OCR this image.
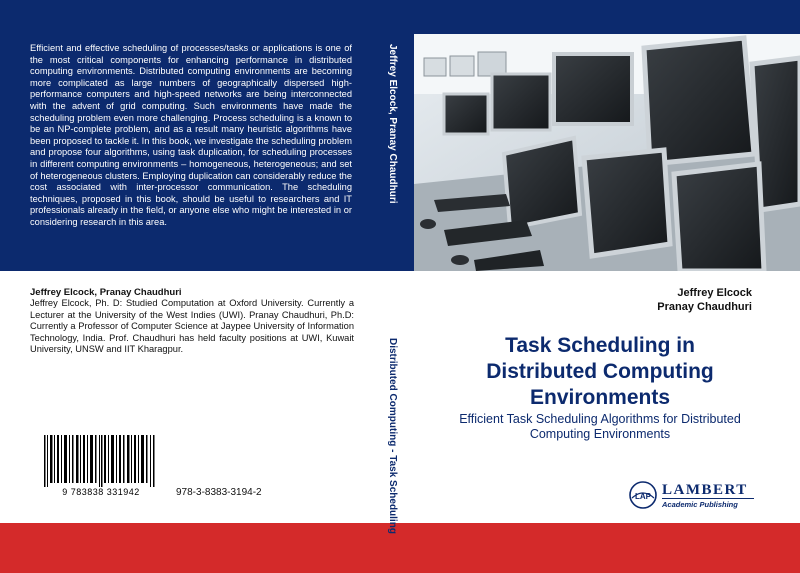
Efficient and effective scheduling of processes/tasks or applications is one of the most critical components for enhancing performance in distributed computing environments. Distributed computing environments are becoming more complicated as large numbers of geographically dispersed high-performance computers and high-speed networks are being interconnected with the advent of grid computing. Such environments have made the scheduling problem even more challenging. Process scheduling is a known to be an NP-complete problem, and as a result many heuristic algorithms have been proposed to tackle it. In this book, we investigate the scheduling problem and propose four algorithms, using task duplication, for scheduling processes in different computing environments – homogeneous, heterogeneous; and set of heterogeneous clusters. Employing duplication can considerably reduce the cost associated with inter-processor communication. The scheduling techniques, proposed in this book, should be useful to researchers and IT professionals already in the field, or anyone else who might be interested in or considering research in this area.

Jeffrey Elcock, Pranay Chaudhuri
Distributed Computing - Task Scheduling

Jeffrey Elcock, Pranay Chaudhuri

Jeffrey Elcock, Ph. D: Studied Computation at Oxford University. Currently a Lecturer at the University of the West Indies (UWI). Pranay Chaudhuri, Ph.D: Currently a Professor of Computer Science at Jaypee University of Information Technology, India. Prof. Chaudhuri has held faculty positions at UWI, Kuwait University, UNSW and IIT Kharagpur.

9 783838 331942	978-3-8383-3194-2

Jeffrey Elcock

Pranay Chaudhuri

Task Scheduling in
Distributed Computing
Environments
Efficient Task Scheduling Algorithms for Distributed
Computing Environments
LAP LAMBERT
Academic Publishing
